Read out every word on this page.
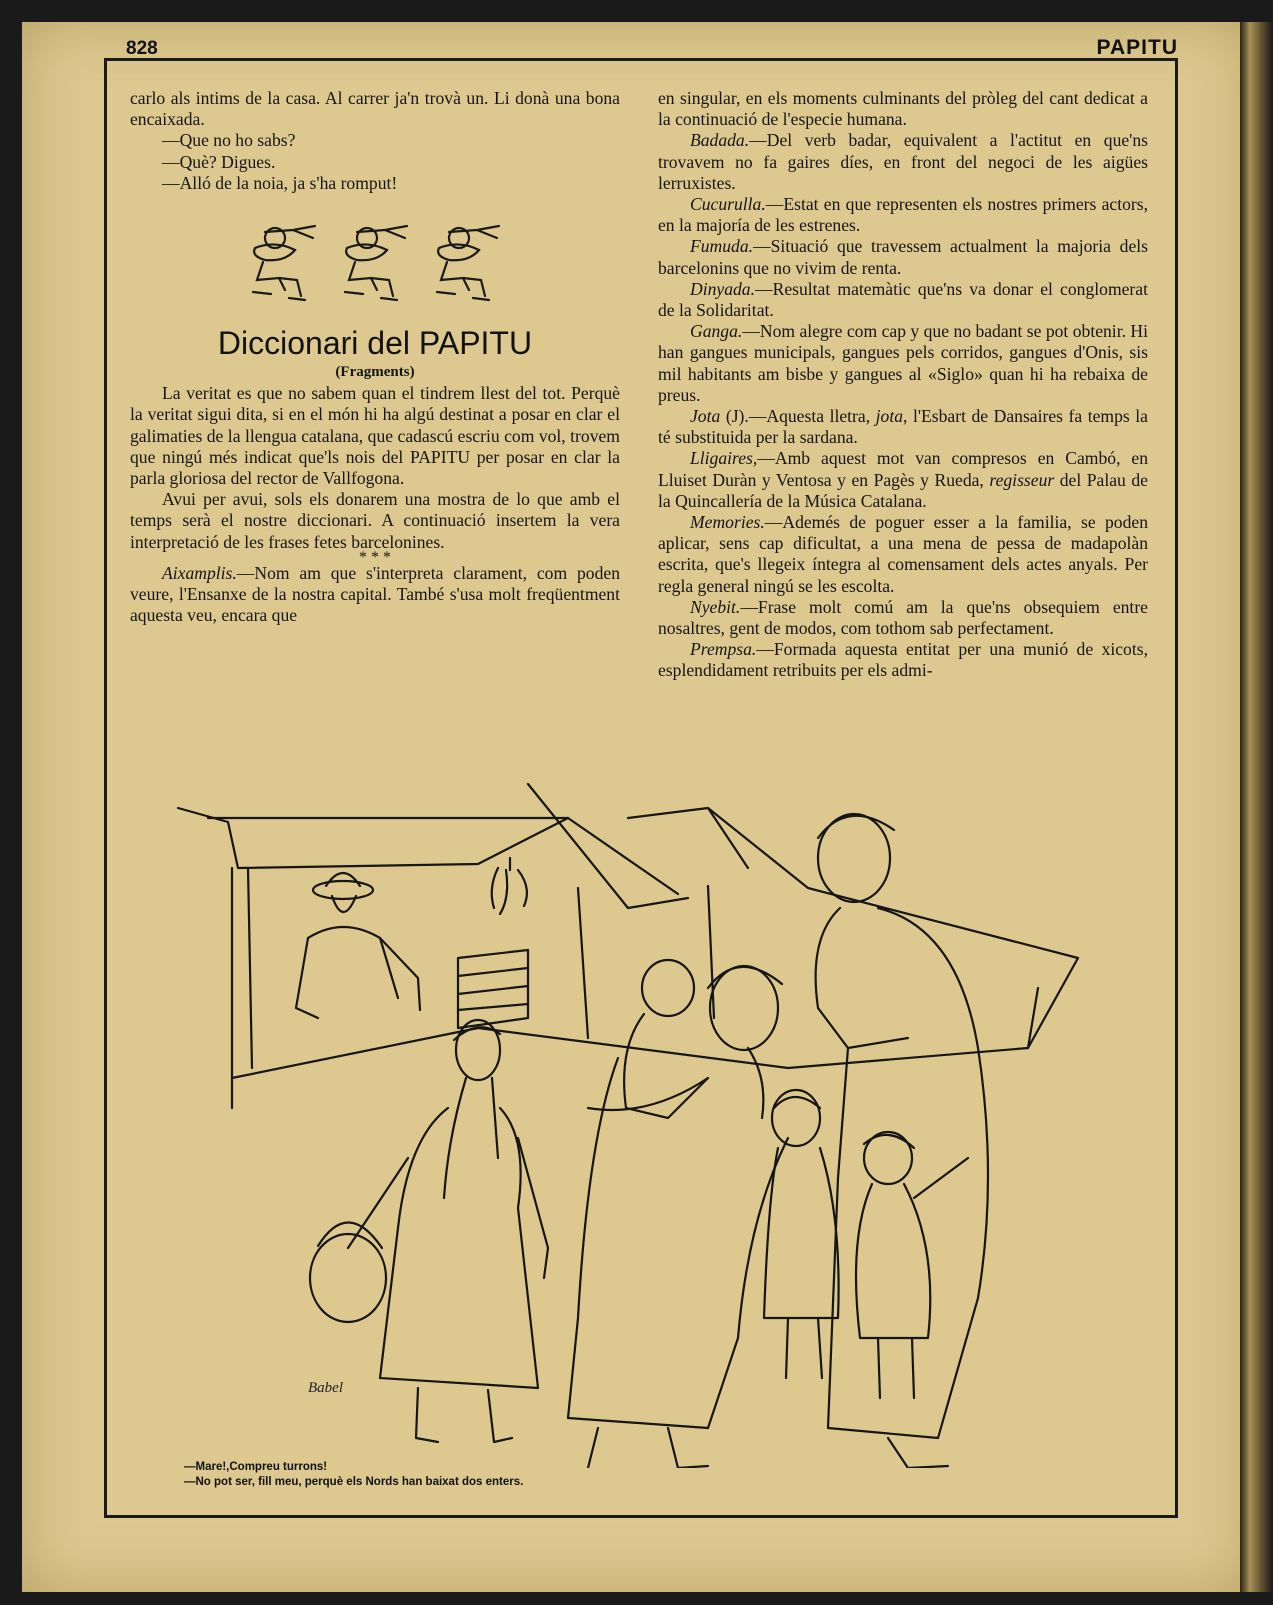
828	PAPITU

carlo als intims de la casa. Al carrer ja'n trovà un. Li donà una bona encaixada.

—Que no ho sabs?

—Què? Digues.

—Alló de la noia, ja s'ha romput!

Diccionari del PAPITU

(Fragments)

La veritat es que no sabem quan el tindrem llest del tot. Perquè la veritat sigui dita, si en el món hi ha algú destinat a posar en clar el galimaties de la llengua catalana, que cadascú escriu com vol, trovem que ningú més indicat que'ls nois del PAPITU per posar en clar la parla gloriosa del rector de Vallfogona.

Avui per avui, sols els donarem una mostra de lo que amb el temps serà el nostre diccionari. A continuació insertem la vera interpretació de les frases fetes barcelonines.

* * *

Aixamplis.—Nom am que s'interpreta clarament, com poden veure, l'Ensanxe de la nostra capital. També s'usa molt freqüentment aquesta veu, encara que

en singular, en els moments culminants del pròleg del cant dedicat a la continuació de l'especie humana.

Badada.—Del verb badar, equivalent a l'actitut en que'ns trovavem no fa gaires díes, en front del negoci de les aigües lerruxistes.

Cucurulla.—Estat en que representen els nostres primers actors, en la majoría de les estrenes.

Fumuda.—Situació que travessem actualment la majoria dels barcelonins que no vivim de renta.

Dinyada.—Resultat matemàtic que'ns va donar el conglomerat de la Solidaritat.

Ganga.—Nom alegre com cap y que no badant se pot obtenir. Hi han gangues municipals, gangues pels corridos, gangues d'Onis, sis mil habitants am bisbe y gangues al «Siglo» quan hi ha rebaixa de preus.

Jota (J).—Aquesta lletra, jota, l'Esbart de Dansaires fa temps la té substituida per la sardana.

Lligaires,—Amb aquest mot van compresos en Cambó, en Lluiset Duràn y Ventosa y en Pagès y Rueda, regisseur del Palau de la Quincallería de la Música Catalana.

Memories.—Ademés de poguer esser a la familia, se poden aplicar, sens cap dificultat, a una mena de pessa de madapolàn escrita, que's llegeix íntegra al comensament dels actes anyals. Per regla general ningú se les escolta.

Nyebit.—Frase molt comú am la que'ns obsequiem entre nosaltres, gent de modos, com tothom sab perfectament.

Prempsa.—Formada aquesta entitat per una munió de xicots, esplendidament retribuits per els admi-

Babel
—Mare!,Compreu turrons!
—No pot ser, fill meu, perquè els Nords han baixat dos enters.
